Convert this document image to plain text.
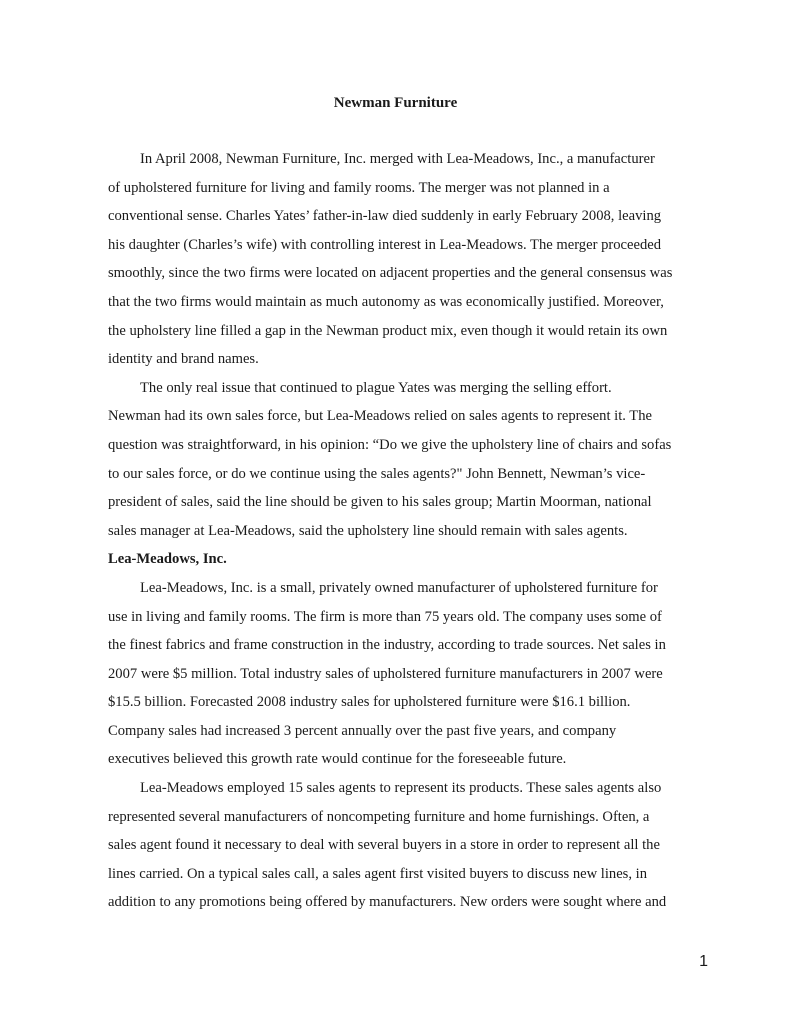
Newman Furniture

In April 2008, Newman Furniture, Inc. merged with Lea-Meadows, Inc., a manufacturer
of upholstered furniture for living and family rooms. The merger was not planned in a
conventional sense. Charles Yates’ father-in-law died suddenly in early February 2008, leaving
his daughter (Charles’s wife) with controlling interest in Lea-Meadows. The merger proceeded
smoothly, since the two firms were located on adjacent properties and the general consensus was
that the two firms would maintain as much autonomy as was economically justified. Moreover,
the upholstery line filled a gap in the Newman product mix, even though it would retain its own
identity and brand names.

The only real issue that continued to plague Yates was merging the selling effort.
Newman had its own sales force, but Lea-Meadows relied on sales agents to represent it. The
question was straightforward, in his opinion: “Do we give the upholstery line of chairs and sofas
to our sales force, or do we continue using the sales agents?" John Bennett, Newman’s vice-
president of sales, said the line should be given to his sales group; Martin Moorman, national
sales manager at Lea-Meadows, said the upholstery line should remain with sales agents.

Lea-Meadows, Inc.

Lea-Meadows, Inc. is a small, privately owned manufacturer of upholstered furniture for
use in living and family rooms. The firm is more than 75 years old. The company uses some of
the finest fabrics and frame construction in the industry, according to trade sources. Net sales in
2007 were $5 million. Total industry sales of upholstered furniture manufacturers in 2007 were
$15.5 billion. Forecasted 2008 industry sales for upholstered furniture were $16.1 billion.
Company sales had increased 3 percent annually over the past five years, and company
executives believed this growth rate would continue for the foreseeable future.

Lea-Meadows employed 15 sales agents to represent its products. These sales agents also
represented several manufacturers of noncompeting furniture and home furnishings. Often, a
sales agent found it necessary to deal with several buyers in a store in order to represent all the
lines carried. On a typical sales call, a sales agent first visited buyers to discuss new lines, in
addition to any promotions being offered by manufacturers. New orders were sought where and

1
